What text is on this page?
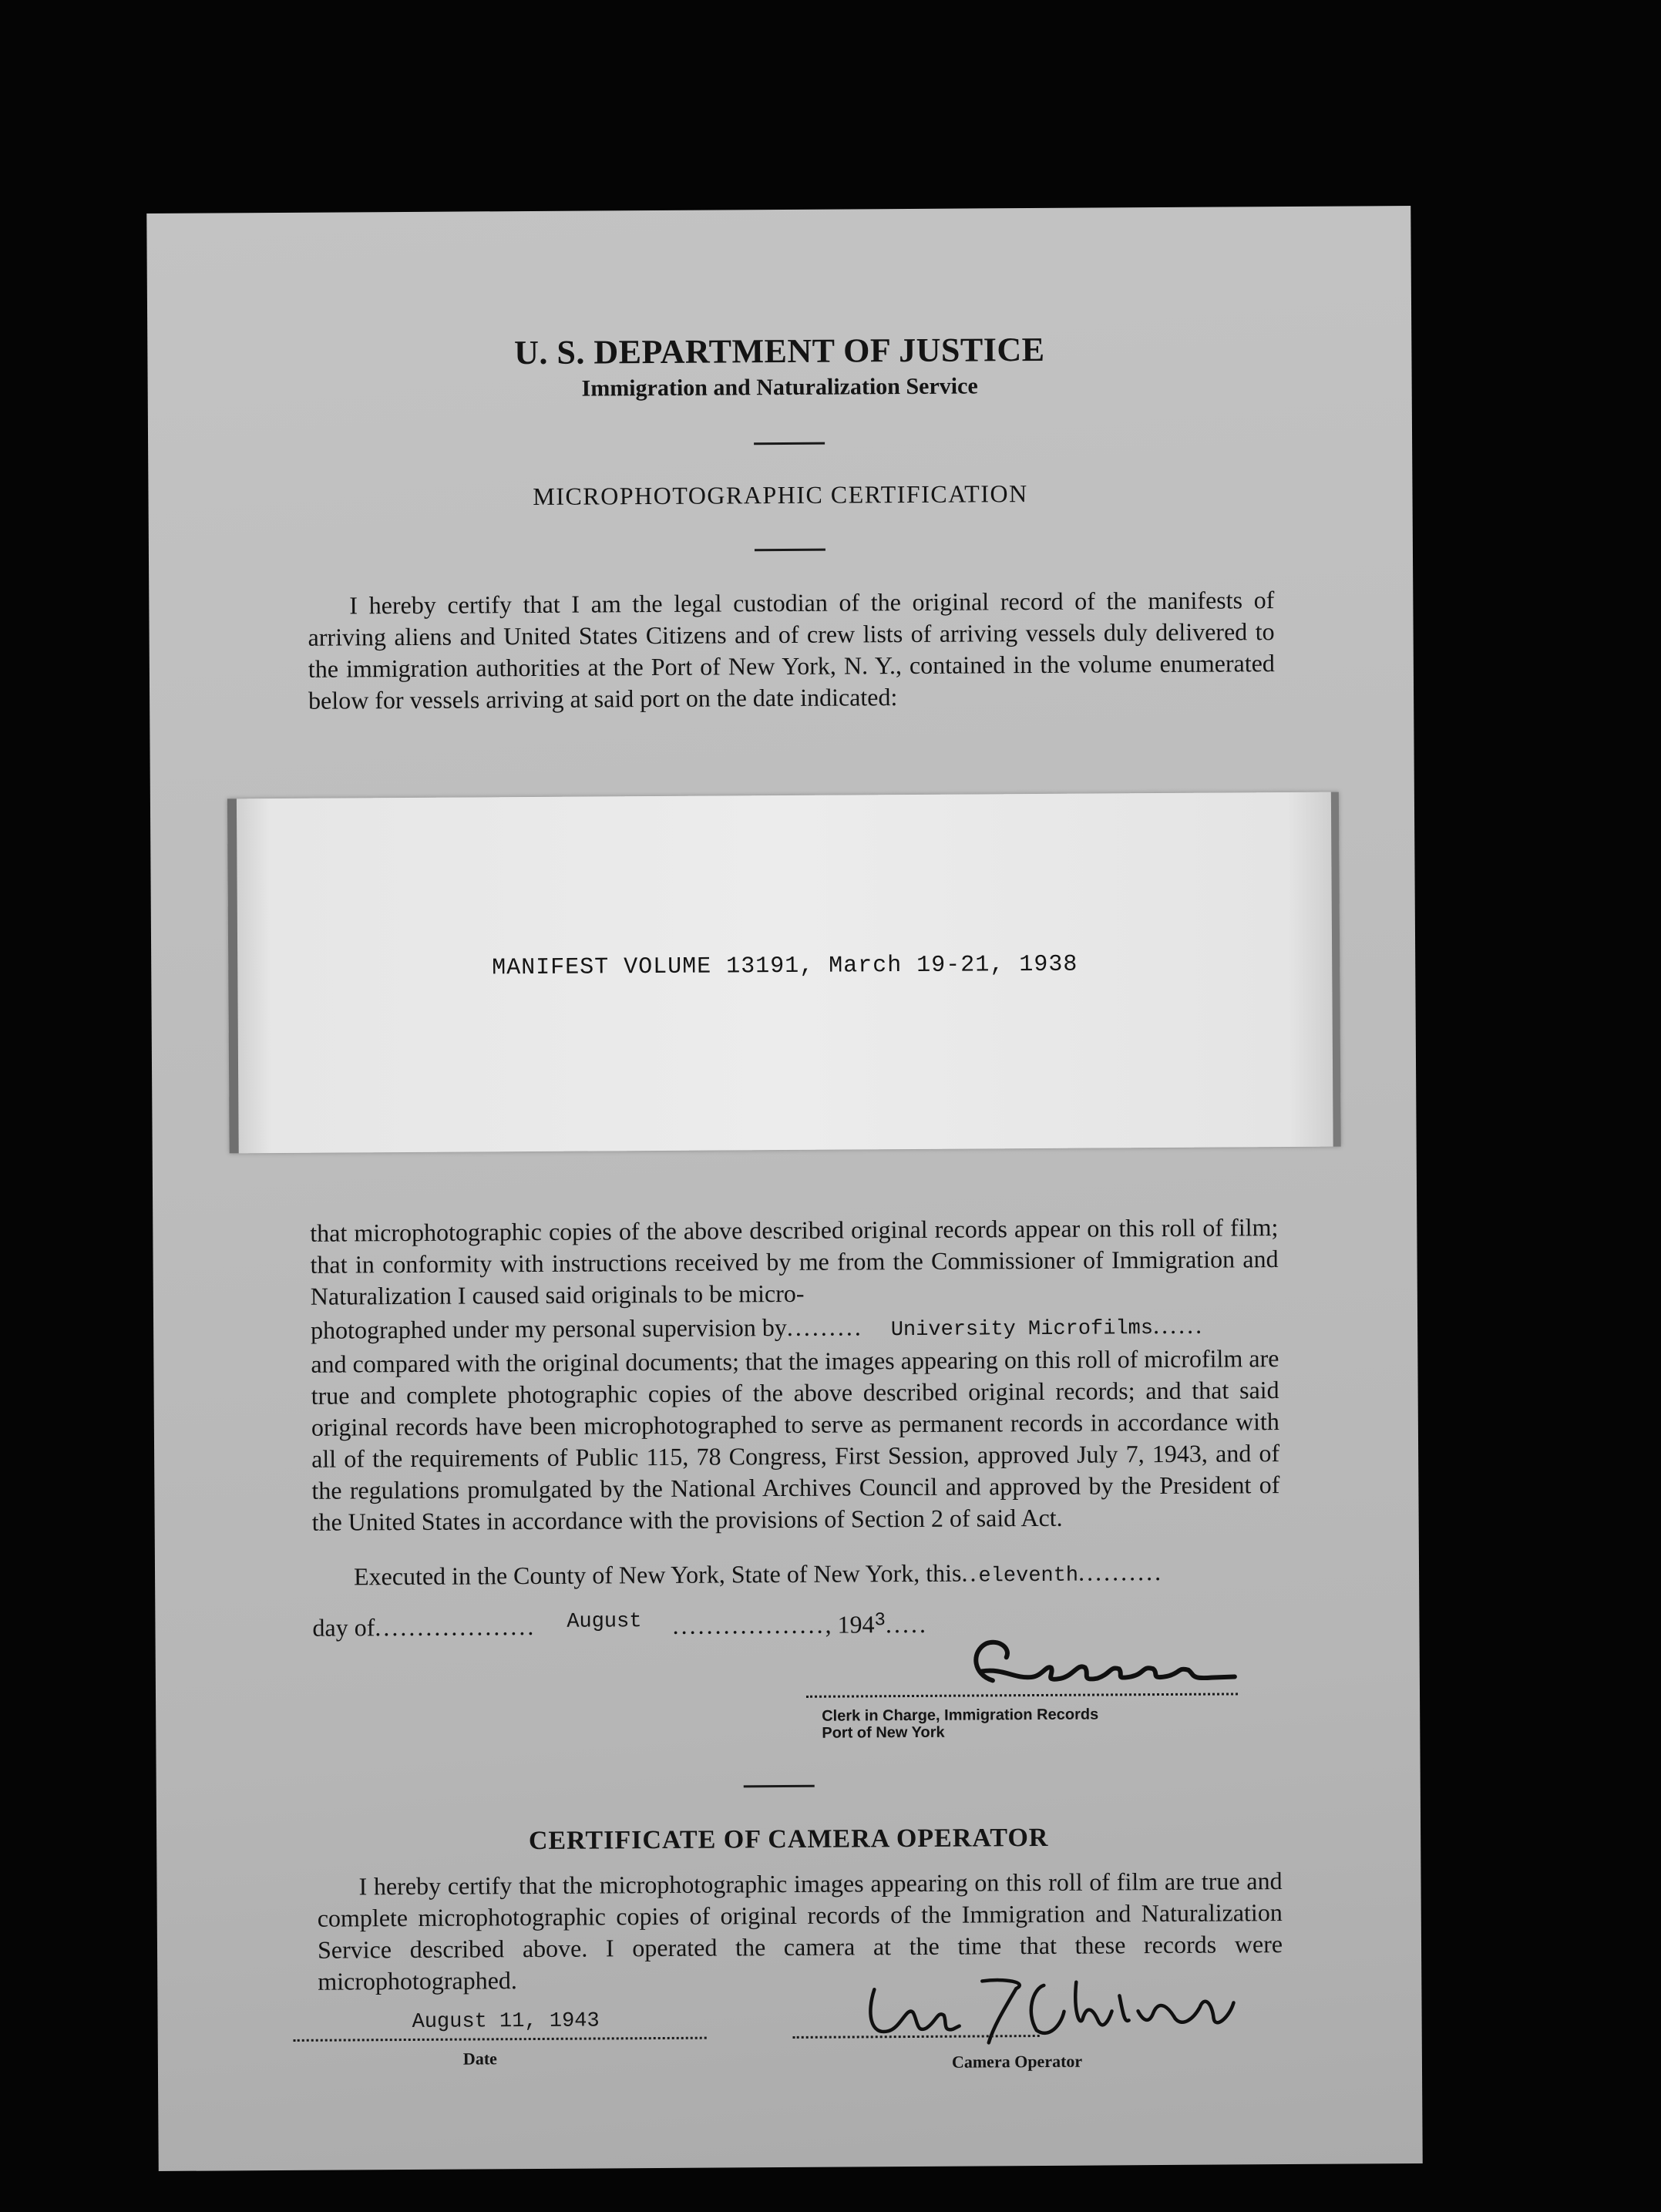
U. S. DEPARTMENT OF JUSTICE
Immigration and Naturalization Service
MICROPHOTOGRAPHIC CERTIFICATION
I hereby certify that I am the legal custodian of the original record of the manifests of arriving aliens and United States Citizens and of crew lists of arriving vessels duly delivered to the immigration authorities at the Port of New York, N. Y., contained in the volume enumerated below for vessels arriving at said port on the date indicated:
MANIFEST VOLUME 13191, March 19-21, 1938
that microphotographic copies of the above described original records appear on this roll of film; that in conformity with instructions received by me from the Commissioner of Immigration and Naturalization I caused said originals to be micro-
photographed under my personal supervision by......... University Microfilms......
and compared with the original documents; that the images appearing on this roll of microfilm are true and complete photographic copies of the above described original records; and that said original records have been microphotographed to serve as permanent records in accordance with all of the requirements of Public 115, 78 Congress, First Session, approved July 7, 1943, and of the regulations promulgated by the National Archives Council and approved by the President of the United States in accordance with the provisions of Section 2 of said Act.
Executed in the County of New York, State of New York, this..eleventh..........
day of................... $^{August}$ .................., $194^3$.....
Clerk in Charge, Immigration Records
Port of New York
CERTIFICATE OF CAMERA OPERATOR
I hereby certify that the microphotographic images appearing on this roll of film are true and complete microphotographic copies of original records of the Immigration and Naturalization Service described above. I operated the camera at the time that these records were microphotographed.
August 11, 1943
Date	Camera Operator
